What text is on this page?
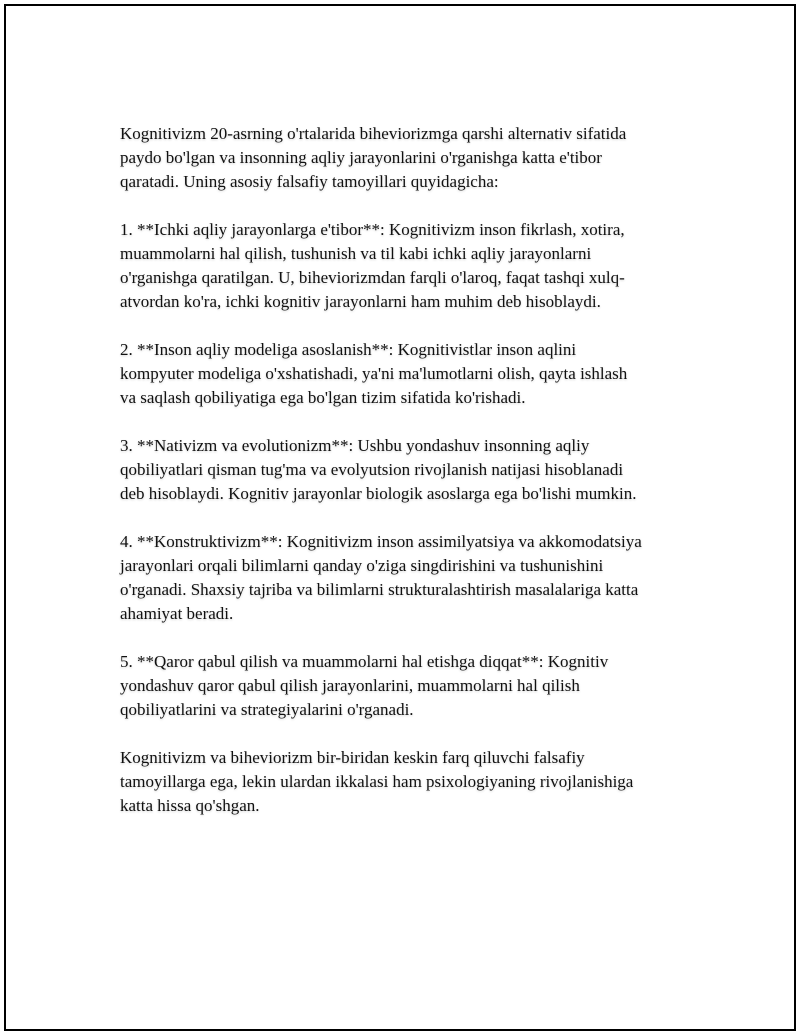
Kognitivizm 20-asrning o'rtalarida biheviorizmga qarshi alternativ sifatida
paydo bo'lgan va insonning aqliy jarayonlarini o'rganishga katta e'tibor
qaratadi. Uning asosiy falsafiy tamoyillari quyidagicha:

1. **Ichki aqliy jarayonlarga e'tibor**: Kognitivizm inson fikrlash, xotira,
muammolarni hal qilish, tushunish va til kabi ichki aqliy jarayonlarni
o'rganishga qaratilgan. U, biheviorizmdan farqli o'laroq, faqat tashqi xulq-
atvordan ko'ra, ichki kognitiv jarayonlarni ham muhim deb hisoblaydi.

2. **Inson aqliy modeliga asoslanish**: Kognitivistlar inson aqlini
kompyuter modeliga o'xshatishadi, ya'ni ma'lumotlarni olish, qayta ishlash
va saqlash qobiliyatiga ega bo'lgan tizim sifatida ko'rishadi.

3. **Nativizm va evolutionizm**: Ushbu yondashuv insonning aqliy
qobiliyatlari qisman tug'ma va evolyutsion rivojlanish natijasi hisoblanadi
deb hisoblaydi. Kognitiv jarayonlar biologik asoslarga ega bo'lishi mumkin.

4. **Konstruktivizm**: Kognitivizm inson assimilyatsiya va akkomodatsiya
jarayonlari orqali bilimlarni qanday o'ziga singdirishini va tushunishini
o'rganadi. Shaxsiy tajriba va bilimlarni strukturalashtirish masalalariga katta
ahamiyat beradi.

5. **Qaror qabul qilish va muammolarni hal etishga diqqat**: Kognitiv
yondashuv qaror qabul qilish jarayonlarini, muammolarni hal qilish
qobiliyatlarini va strategiyalarini o'rganadi.

Kognitivizm va biheviorizm bir-biridan keskin farq qiluvchi falsafiy
tamoyillarga ega, lekin ulardan ikkalasi ham psixologiyaning rivojlanishiga
katta hissa qo'shgan.
